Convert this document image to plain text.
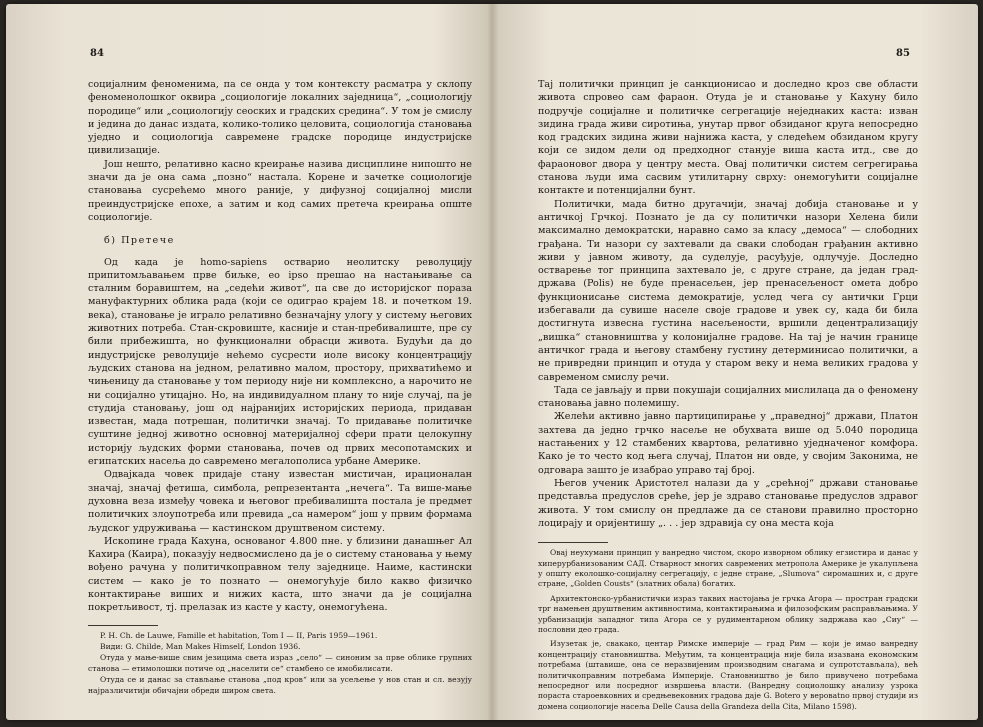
84	85

социјалним феноменима, па се онда у том контексту расматра у склопу феноменолошког оквира „социологије локалних заједница“, „социологију породице“ или „социологију сеоских и градских средина“. У том је смислу и једина до данас издата, колико-толико целовита, социологија становања уједно и социологија савремене градске породице индустријске цивилизације.

Још нешто, релативно касно креирање назива дисциплине нипошто не значи да је она сама „позно“ настала. Корене и зачетке социологије становања сусрећемо много раније, у дифузној социјалној мисли преиндустријске епохе, а затим и код самих претеча креирања опште социологије.

б) Претече

Од када је homo-sapiens остварио неолитску револуцију припитомљавањем прве биљке, ео ipso прешао на настањивање са сталним боравиштем, на „седећи живот“, па све до историјског пораза мануфактурних облика рада (који се одиграо крајем 18. и почетком 19. века), становање је играло релативно безначајну улогу у систему његових животних потреба. Стан-скровиште, касније и стан-пребивалиште, пре су били прибежишта, но функционални обрасци живота. Будући да до индустријске револуције нећемо сусрести иоле високу концентрацију људских станова на једном, релативно малом, простору, прихватићемо и чињеницу да становање у том периоду није ни комплексно, а нарочито не ни социјално утицајно. Но, на индивидуалном плану то није случај, па је студија становању, још од најранијих историјских периода, придаван известан, мада потрешан, политички значај. То придавање политичке суштине једној животно основној материјалној сфери прати целокупну историју људских форми становања, почев од првих месопотамских и египатских насеља до савремено мегалополиса урбане Америке.

Одвајкада човек придаје стану известан мистичан, ирационалан значај, значај фетиша, симбола, репрезентанта „нечега“. Та више-мање духовна веза између човека и његовог пребивалишта постала је предмет политичких злоупотреба или превида „са намером“ још у првим формама људског удруживања — кастинском друштвеном систему.

Ископине града Кахуна, основаног 4.800 пне. у близини данашњег Ал Кахира (Каира), показују недвосмислено да је о систему становања у њему вођено рачуна у политичкоправном телу заједнице. Наиме, кастински систем — како је то познато — онемогућује било какво физичко контактирање виших и нижих каста, што значи да је социјална покретљивост, тј. прелазак из касте у касту, онемогућена.

P. H. Ch. de Lauwe, Famille et habitation, Tom I — II, Paris 1959—1961.

Види: G. Childe, Man Makes Himself, London 1936.

Отуда у мање-више свим језицима света израз „село“ — синоним за прве облике групних станова — етимолошки потиче од „населити се“ стамбено се имобилисати.

Отуда се и данас за стављање станова „под кров“ или за усељење у нов стан и сл. везују најразличитији обичајни обреди широм света.

Тај политички принцип је санкционисао и доследно кроз све области живота спровео сам фараон. Отуда је и становање у Кахуну било подручје социјалне и политичке сегрегације неједнаких каста: изван зидина града живи сиротиња, унутар првог обзиданог круга непосредно код градских зидина живи најнижа каста, у следећем обзиданом кругу који се зидом дели од предходног станује виша каста итд., све до фараоновог двора у центру места. Овај политички систем сегрегирања станова људи има сасвим утилитарну сврху: онемогућити социјалне контакте и потенцијални бунт.

Политички, мада битно другачији, значај добија становање и у античкој Грчкој. Познато је да су политички назори Хелена били максимално демократски, наравно само за класу „демоса“ — слободних грађана. Ти назори су захтевали да сваки слободан грађанин активно живи у јавном животу, да суделује, расуђује, одлучује. Доследно остварење тог принципа захтевало је, с друге стране, да један град-држава (Polis) не буде пренасељен, јер пренасељеност омета добро функционисање система демократије, услед чега су антички Грци избегавали да сувише населе своје градове и увек су, када би била достигнута извесна густина насељености, вршили децентрализацију „вишка“ становништва у колонијалне градове. На тај је начин границе античког града и његову стамбену густину детерминисао политички, а не привредни принцип и отуда у старом веку и нема великих градова у савременом смислу речи.

Тада се јављају и први покушаји социјалних мислилаца да о феномену становања јавно полемишу.

Желећи активно јавно партиципирање у „праведној“ држави, Платон захтева да једно грчко насеље не обухвата више од 5.040 породица настањених у 12 стамбених квартова, релативно уједначеног комфора. Како је то често код њега случај, Платон ни овде, у својим Законима, не одговара зашто је изабрао управо тај број.

Његов ученик Аристотел налази да у „срећној“ држави становање представља предуслов среће, јер је здраво становање предуслов здравог живота. У том смислу он предлаже да се станови правилно просторно лоцирају и оријентишу „. . . јер здравија су она места која

Овај неухумани принцип у ванредно чистом, скоро изворном облику егзистира и данас у хиперурбанизованим САД. Стварност многих савремених метропола Америке је укалупљена у општу еколошко-социјалну сегрегацију, с једне стране, „Slumova“ сиромашних и, с друге стране, „Golden Cousts“ (златних обала) богатих.

Архитектонско-урбанистички израз таквих настојања је грчка Агора — простран градски трг намењен друштвеним активностима, контактирањима и филозофским расправљањима. У урбанизацији западног типа Агора се у рудиментарном облику задржава као „Сиу“ — пословни део града.

Изузетак је, свакако, центар Римске империје — град Рим — који је имао ванредну концентрацију становништва. Међутим, та концентрација није била изазвана економским потребама (штавише, она се неразвијеним производним снагама и супротстављала), већ политичкоправним потребама Империје. Становништво је било привучено потребама непосредног или посредног извршења власти. (Ванредну социолошку анализу узрока пораста староевковних и средњевековних градова даје G. Botero у веровatno првој студији из домена социологије насеља Delle Causa della Grandeza della Cita, Milano 1598).
